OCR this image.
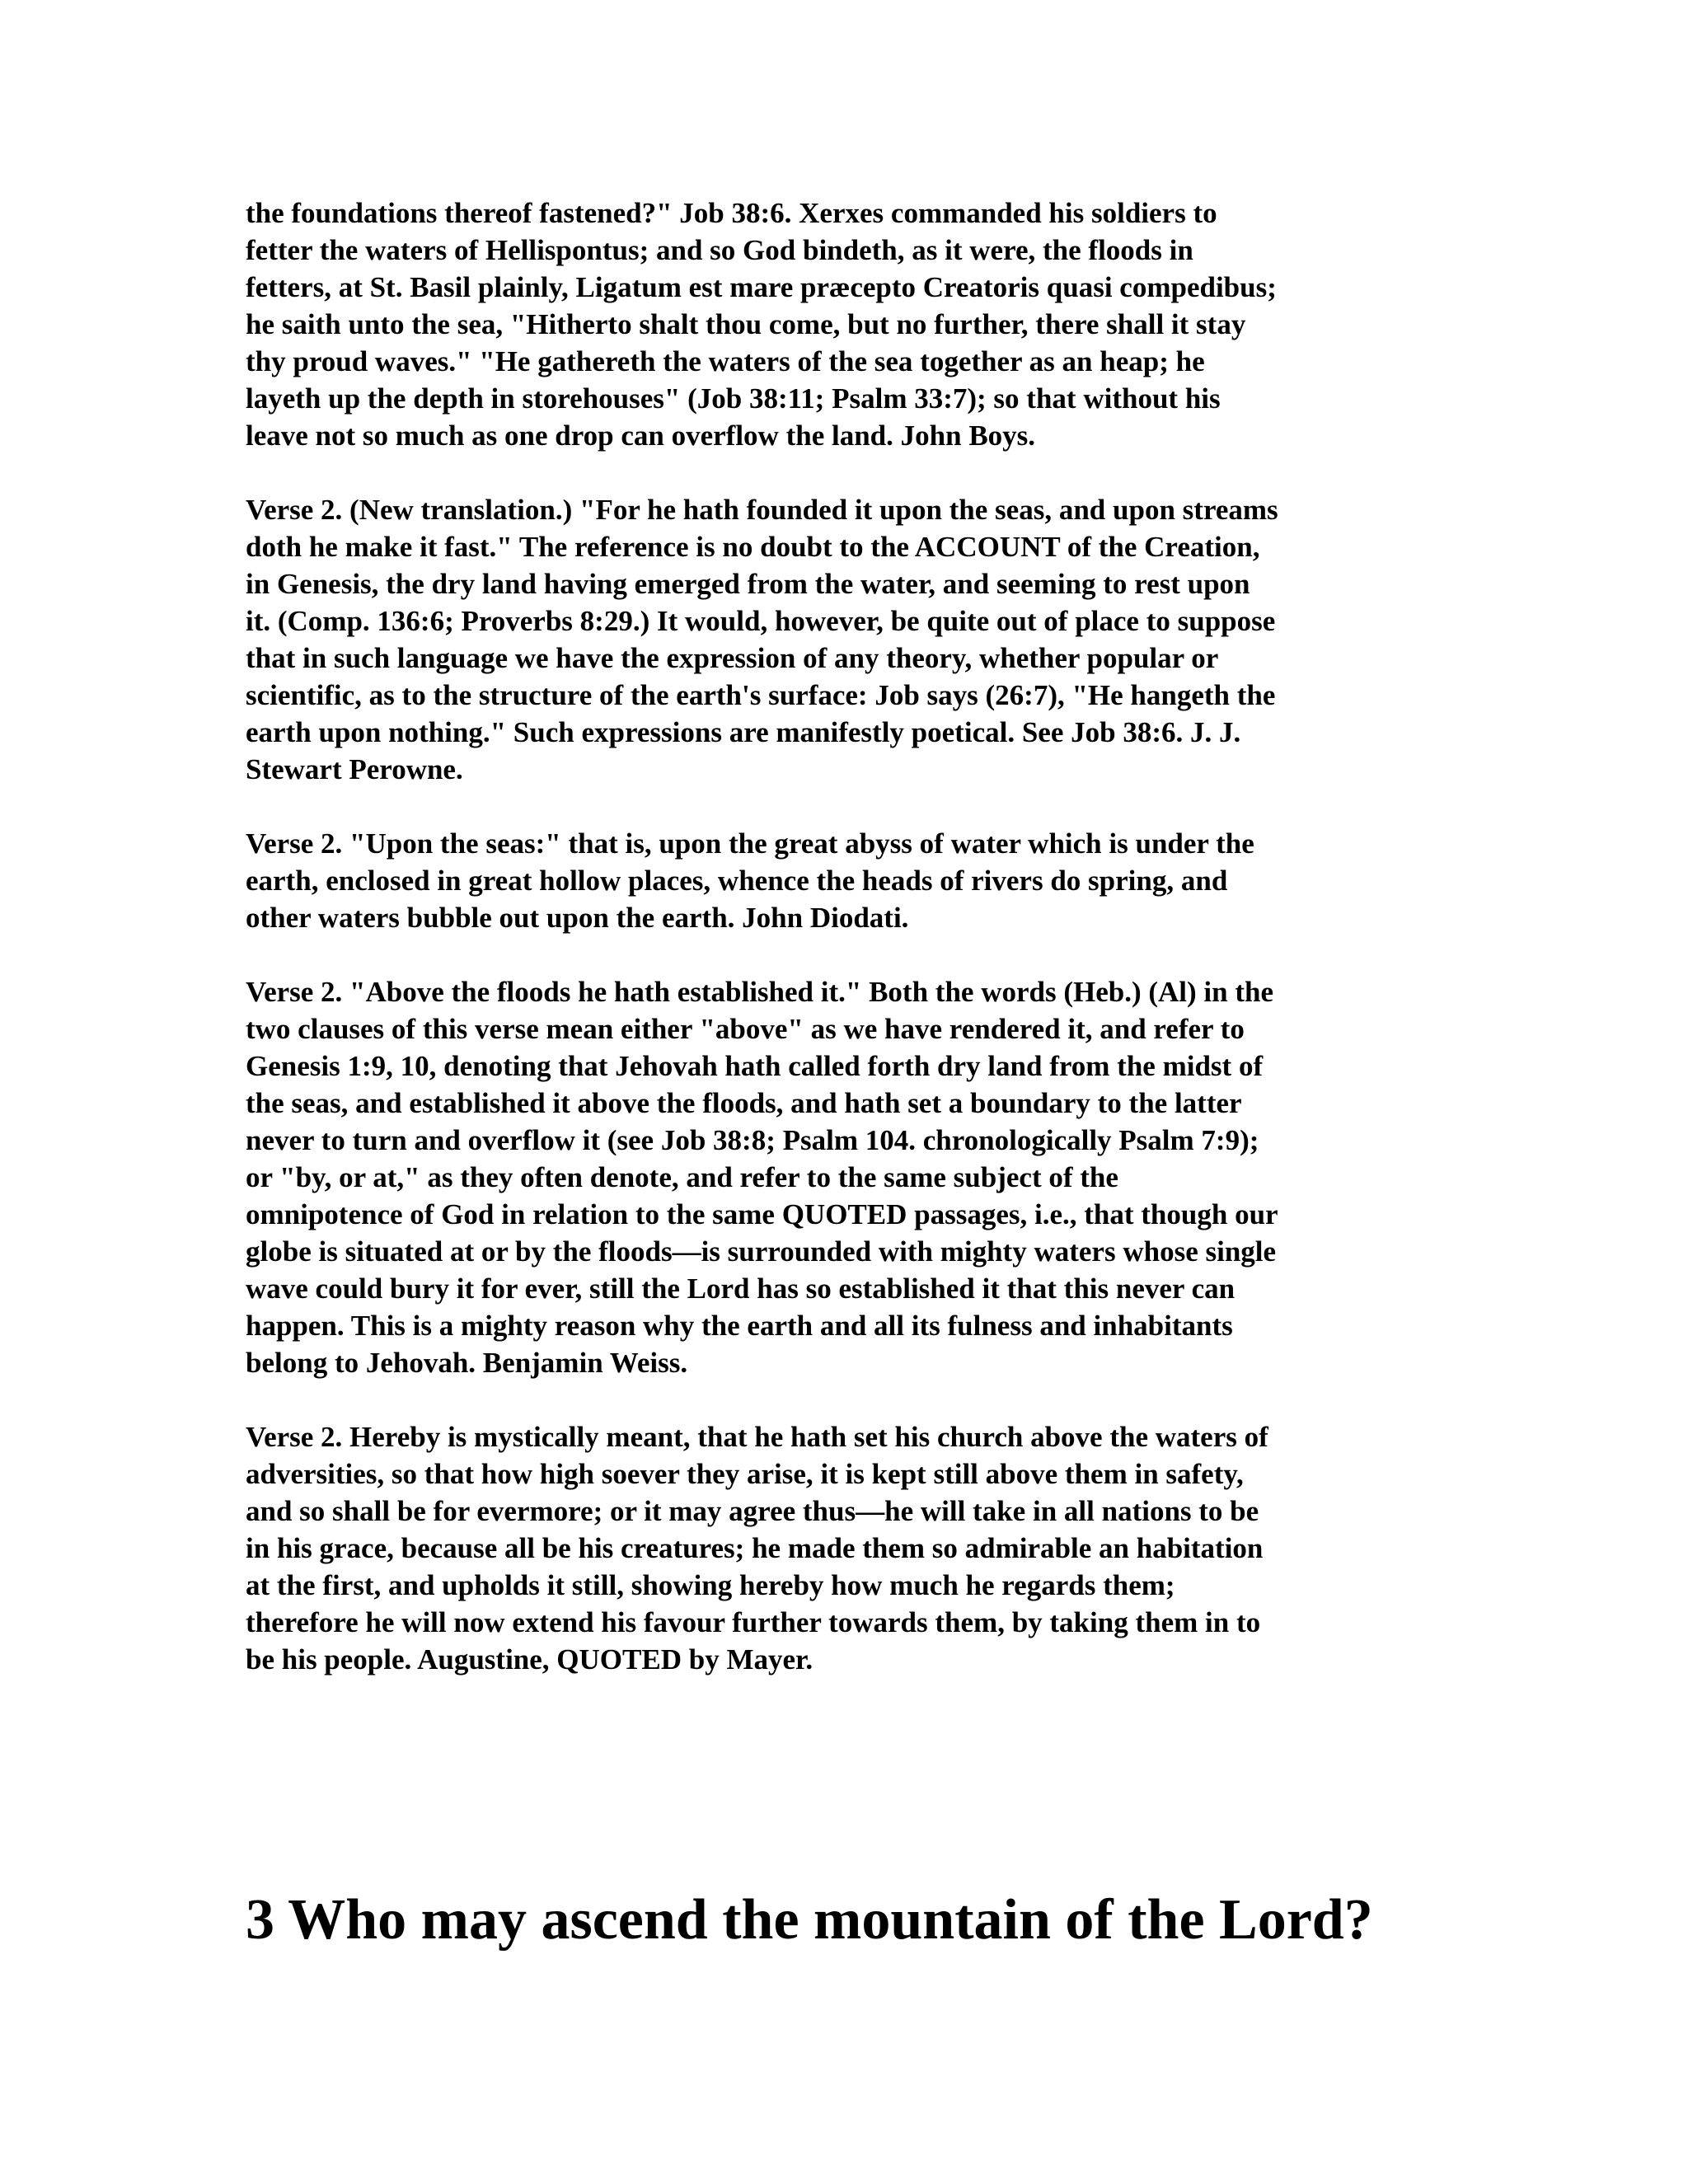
the foundations thereof fastened?" Job 38:6. Xerxes commanded his soldiers to
fetter the waters of Hellispontus; and so God bindeth, as it were, the floods in
fetters, at St. Basil plainly, Ligatum est mare præcepto Creatoris quasi compedibus;
he saith unto the sea, "Hitherto shalt thou come, but no further, there shall it stay
thy proud waves." "He gathereth the waters of the sea together as an heap; he
layeth up the depth in storehouses" (Job 38:11; Psalm 33:7); so that without his
leave not so much as one drop can overflow the land. John Boys.
Verse 2. (New translation.) "For he hath founded it upon the seas, and upon streams
doth he make it fast." The reference is no doubt to the ACCOUNT of the Creation,
in Genesis, the dry land having emerged from the water, and seeming to rest upon
it. (Comp. 136:6; Proverbs 8:29.) It would, however, be quite out of place to suppose
that in such language we have the expression of any theory, whether popular or
scientific, as to the structure of the earth's surface: Job says (26:7), "He hangeth the
earth upon nothing." Such expressions are manifestly poetical. See Job 38:6. J. J.
Stewart Perowne.
Verse 2. "Upon the seas:" that is, upon the great abyss of water which is under the
earth, enclosed in great hollow places, whence the heads of rivers do spring, and
other waters bubble out upon the earth. John Diodati.
Verse 2. "Above the floods he hath established it." Both the words (Heb.) (Al) in the
two clauses of this verse mean either "above" as we have rendered it, and refer to
Genesis 1:9, 10, denoting that Jehovah hath called forth dry land from the midst of
the seas, and established it above the floods, and hath set a boundary to the latter
never to turn and overflow it (see Job 38:8; Psalm 104. chronologically Psalm 7:9);
or "by, or at," as they often denote, and refer to the same subject of the
omnipotence of God in relation to the same QUOTED passages, i.e., that though our
globe is situated at or by the floods—is surrounded with mighty waters whose single
wave could bury it for ever, still the Lord has so established it that this never can
happen. This is a mighty reason why the earth and all its fulness and inhabitants
belong to Jehovah. Benjamin Weiss.
Verse 2. Hereby is mystically meant, that he hath set his church above the waters of
adversities, so that how high soever they arise, it is kept still above them in safety,
and so shall be for evermore; or it may agree thus—he will take in all nations to be
in his grace, because all be his creatures; he made them so admirable an habitation
at the first, and upholds it still, showing hereby how much he regards them;
therefore he will now extend his favour further towards them, by taking them in to
be his people. Augustine, QUOTED by Mayer.
3 Who may ascend the mountain of the Lord?
